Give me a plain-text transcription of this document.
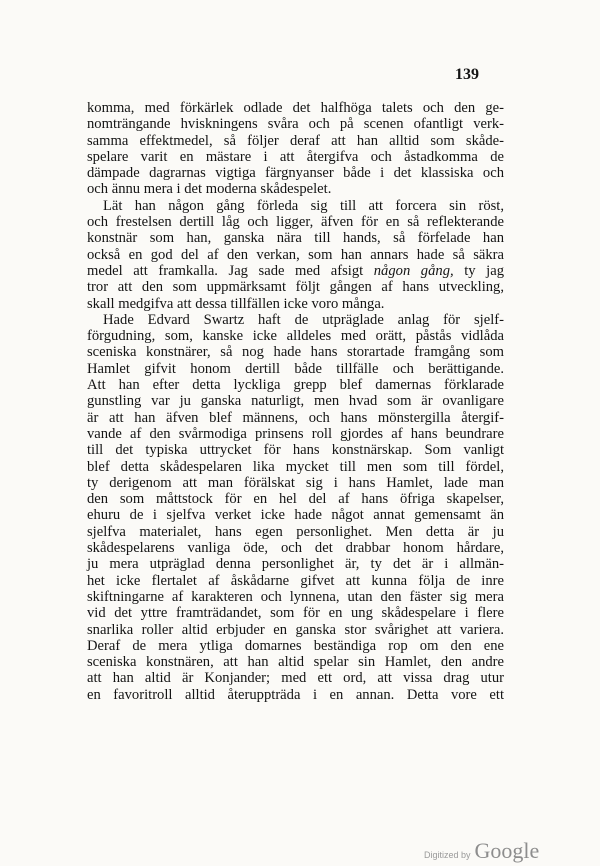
139
komma, med förkärlek odlade det halfhöga talets och den ge-
nomträngande hviskningens svåra och på scenen ofantligt verk-
samma effektmedel, så följer deraf att han alltid som skåde-
spelare varit en mästare i att återgifva och åstadkomma de
dämpade dagrarnas vigtiga färgnyanser både i det klassiska och
och ännu mera i det moderna skådespelet.
Lät han någon gång förleda sig till att forcera sin röst,
och frestelsen dertill låg och ligger, äfven för en så reflekterande
konstnär som han, ganska nära till hands, så förfelade han
också en god del af den verkan, som han annars hade så säkra
medel att framkalla. Jag sade med afsigt någon gång, ty jag
tror att den som uppmärksamt följt gången af hans utveckling,
skall medgifva att dessa tillfällen icke voro många.
Hade Edvard Swartz haft de utpräglade anlag för sjelf-
förgudning, som, kanske icke alldeles med orätt, påstås vidlåda
sceniska konstnärer, så nog hade hans storartade framgång som
Hamlet gifvit honom dertill både tillfälle och berättigande.
Att han efter detta lyckliga grepp blef damernas förklarade
gunstling var ju ganska naturligt, men hvad som är ovanligare
är att han äfven blef männens, och hans mönstergilla återgif-
vande af den svårmodiga prinsens roll gjordes af hans beundrare
till det typiska uttrycket för hans konstnärskap. Som vanligt
blef detta skådespelaren lika mycket till men som till fördel,
ty derigenom att man förälskat sig i hans Hamlet, lade man
den som måttstock för en hel del af hans öfriga skapelser,
ehuru de i sjelfva verket icke hade något annat gemensamt än
sjelfva materialet, hans egen personlighet. Men detta är ju
skådespelarens vanliga öde, och det drabbar honom hårdare,
ju mera utpräglad denna personlighet är, ty det är i allmän-
het icke flertalet af åskådarne gifvet att kunna följa de inre
skiftningarne af karakteren och lynnena, utan den fäster sig mera
vid det yttre framträdandet, som för en ung skådespelare i flere
snarlika roller altid erbjuder en ganska stor svårighet att variera.
Deraf de mera ytliga domarnes beständiga rop om den ene
sceniska konstnären, att han altid spelar sin Hamlet, den andre
att han altid är Konjander; med ett ord, att vissa drag utur
en favoritroll alltid återuppträda i en annan. Detta vore ett
Digitized by Google
